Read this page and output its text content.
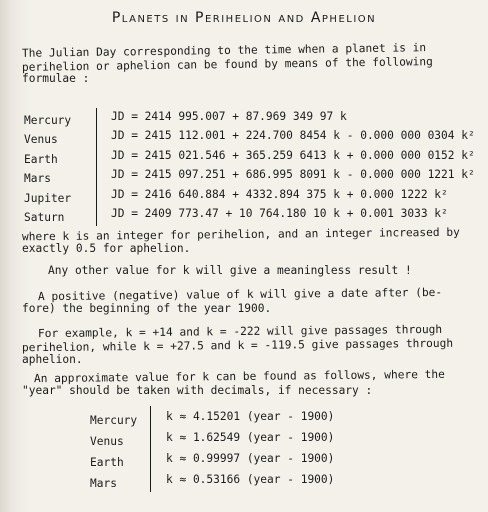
Planets in Perihelion and Aphelion
The Julian Day corresponding to the time when a planet is in
perihelion or aphelion can be found by means of the following
formulae :
Mercury	JD = 2414 995.007 + 87.969 349 97 k
Venus	JD = 2415 112.001 + 224.700 8454 k - 0.000 000 0304 k²
Earth	JD = 2415 021.546 + 365.259 6413 k + 0.000 000 0152 k²
Mars	JD = 2415 097.251 + 686.995 8091 k - 0.000 000 1221 k²
Jupiter	JD = 2416 640.884 + 4332.894 375 k + 0.000 1222 k²
Saturn	JD = 2409 773.47 + 10 764.180 10 k + 0.001 3033 k²
where k is an integer for perihelion, and an integer increased by
exactly 0.5 for aphelion.
Any other value for k will give a meaningless result !
A positive (negative) value of k will give a date after (be-
fore) the beginning of the year 1900.
For example, k = +14 and k = -222 will give passages through
perihelion, while k = +27.5 and k = -119.5 give passages through
aphelion.
An approximate value for k can be found as follows, where the
"year" should be taken with decimals, if necessary :
Mercury	k ≈ 4.15201 (year - 1900)
Venus	k ≈ 1.62549 (year - 1900)
Earth	k ≈ 0.99997 (year - 1900)
Mars	k ≈ 0.53166 (year - 1900)
